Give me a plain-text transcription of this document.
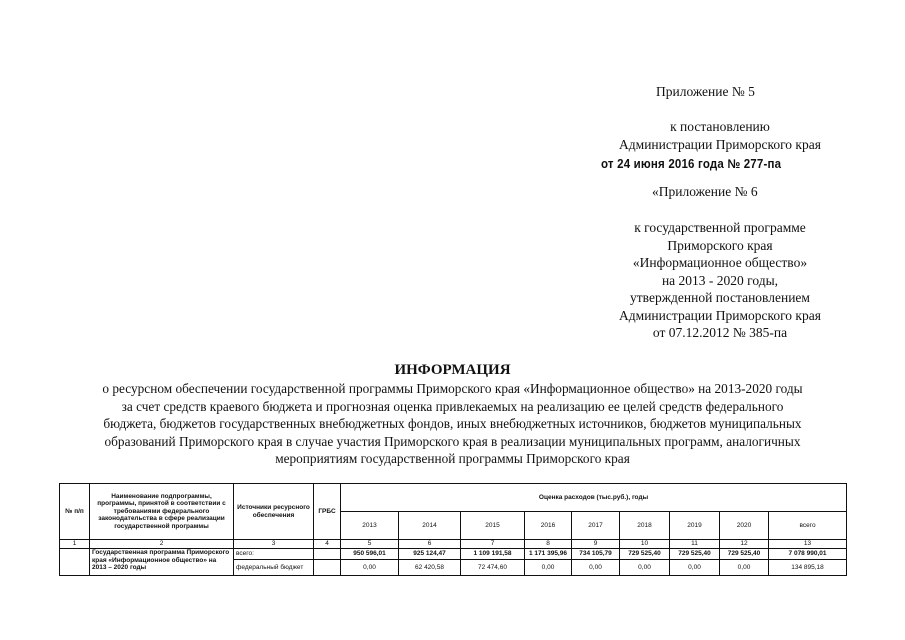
Приложение № 5
к постановлению
Администрации Приморского края
от 24 июня 2016 года № 277-па
«Приложение № 6
к государственной программе
Приморского края
«Информационное общество»
на 2013 - 2020 годы,
утвержденной постановлением
Администрации Приморского края
от 07.12.2012 № 385-па
ИНФОРМАЦИЯ
о ресурсном обеспечении государственной программы Приморского края «Информационное общество» на 2013-2020 годы
за счет средств краевого бюджета и прогнозная оценка привлекаемых на реализацию ее целей средств федерального
бюджета, бюджетов государственных внебюджетных фондов, иных внебюджетных источников, бюджетов муниципальных
образований Приморского края в случае участия Приморского края в реализации муниципальных программ, аналогичных
мероприятиям государственной программы Приморского края
№ п/п	Наименование подпрограммы, программы, принятой в соответствии с требованиями федерального законодательства в сфере реализации государственной программы	Источники ресурсного обеспечения	ГРБС	Оценка расходов (тыс.руб.), годы								
				2013	2014	2015	2016	2017	2018	2019	2020	всего
1	2	3	4	5	6	7	8	9	10	11	12	13
	Государственная программа Приморского края «Информационное общество» на 2013 – 2020 годы	всего:		950 596,01	925 124,47	1 109 191,58	1 171 395,96	734 105,79	729 525,40	729 525,40	729 525,40	7 078 990,01
		федеральный бюджет		0,00	62 420,58	72 474,60	0,00	0,00	0,00	0,00	0,00	134 895,18
